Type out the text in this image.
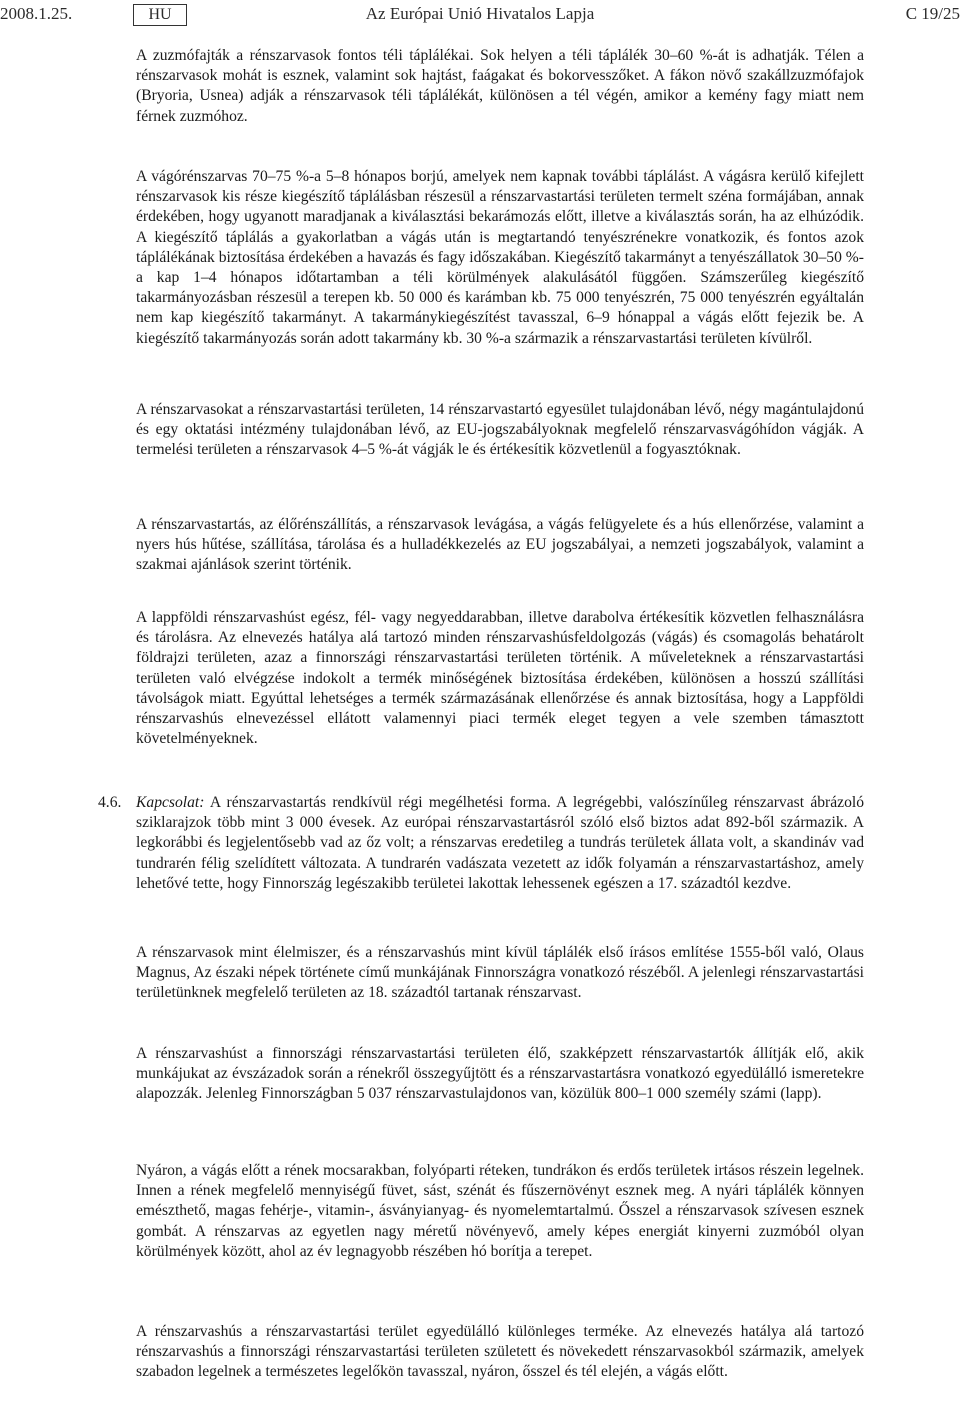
2008.1.25.	HU	Az Európai Unió Hivatalos Lapja	C 19/25

A zuzmófajták a rénszarvasok fontos téli táplálékai. Sok helyen a téli táplálék 30–60 %-át is adhatják. Télen a rénszarvasok mohát is esznek, valamint sok hajtást, faágakat és bokorvesszőket. A fákon növő szakállzuzmófajok (Bryoria, Usnea) adják a rénszarvasok téli táplálékát, különösen a tél végén, amikor a kemény fagy miatt nem férnek zuzmóhoz.

A vágórénszarvas 70–75 %-a 5–8 hónapos borjú, amelyek nem kapnak további táplálást. A vágásra kerülő kifejlett rénszarvasok kis része kiegészítő táplálásban részesül a rénszarvastartási területen termelt széna formájában, annak érdekében, hogy ugyanott maradjanak a kiválasztási bekarámozás előtt, illetve a kiválasztás során, ha az elhúzódik. A kiegészítő táplálás a gyakorlatban a vágás után is megtartandó tenyészrénekre vonatkozik, és fontos azok táplálékának biztosítása érdekében a havazás és fagy időszakában. Kiegészítő takarmányt a tenyészállatok 30–50 %-a kap 1–4 hónapos időtartamban a téli körülmények alakulásától függően. Számszerűleg kiegészítő takarmányozásban részesül a terepen kb. 50 000 és karámban kb. 75 000 tenyészrén, 75 000 tenyészrén egyáltalán nem kap kiegészítő takarmányt. A takarmánykiegészítést tavasszal, 6–9 hónappal a vágás előtt fejezik be. A kiegészítő takarmányozás során adott takarmány kb. 30 %-a származik a rénszarvastartási területen kívülről.

A rénszarvasokat a rénszarvastartási területen, 14 rénszarvastartó egyesület tulajdonában lévő, négy magántulajdonú és egy oktatási intézmény tulajdonában lévő, az EU-jogszabályoknak megfelelő rénszarvasvágóhídon vágják. A termelési területen a rénszarvasok 4–5 %-át vágják le és értékesítik közvetlenül a fogyasztóknak.

A rénszarvastartás, az élőrénszállítás, a rénszarvasok levágása, a vágás felügyelete és a hús ellenőrzése, valamint a nyers hús hűtése, szállítása, tárolása és a hulladékkezelés az EU jogszabályai, a nemzeti jogszabályok, valamint a szakmai ajánlások szerint történik.

A lappföldi rénszarvashúst egész, fél- vagy negyeddarabban, illetve darabolva értékesítik közvetlen felhasználásra és tárolásra. Az elnevezés hatálya alá tartozó minden rénszarvashúsfeldolgozás (vágás) és csomagolás behatárolt földrajzi területen, azaz a finnországi rénszarvastartási területen történik. A műveleteknek a rénszarvastartási területen való elvégzése indokolt a termék minőségének biztosítása érdekében, különösen a hosszú szállítási távolságok miatt. Egyúttal lehetséges a termék származásának ellenőrzése és annak biztosítása, hogy a Lappföldi rénszarvashús elnevezéssel ellátott valamennyi piaci termék eleget tegyen a vele szemben támasztott követelményeknek.

4.6. Kapcsolat: A rénszarvastartás rendkívül régi megélhetési forma. A legrégebbi, valószínűleg rénszarvast ábrázoló sziklarajzok több mint 3 000 évesek. Az európai rénszarvastartásról szóló első biztos adat 892-ből származik. A legkorábbi és legjelentősebb vad az őz volt; a rénszarvas eredetileg a tundrás területek állata volt, a skandináv vad tundrarén félig szelídített változata. A tundrarén vadászata vezetett az idők folyamán a rénszarvastartáshoz, amely lehetővé tette, hogy Finnország legészakibb területei lakottak lehessenek egészen a 17. századtól kezdve.

A rénszarvasok mint élelmiszer, és a rénszarvashús mint kívül táplálék első írásos említése 1555-ből való, Olaus Magnus, Az északi népek története című munkájának Finnországra vonatkozó részéből. A jelenlegi rénszarvastartási területünknek megfelelő területen az 18. századtól tartanak rénszarvast.

A rénszarvashúst a finnországi rénszarvastartási területen élő, szakképzett rénszarvastartók állítják elő, akik munkájukat az évszázadok során a rénekről összegyűjtött és a rénszarvastartásra vonatkozó egyedülálló ismeretekre alapozzák. Jelenleg Finnországban 5 037 rénszarvastulajdonos van, közülük 800–1 000 személy számi (lapp).

Nyáron, a vágás előtt a rének mocsarakban, folyóparti réteken, tundrákon és erdős területek irtásos részein legelnek. Innen a rének megfelelő mennyiségű füvet, sást, szénát és fűszernövényt esznek meg. A nyári táplálék könnyen emészthető, magas fehérje-, vitamin-, ásványianyag- és nyomelemtartalmú. Ősszel a rénszarvasok szívesen esznek gombát. A rénszarvas az egyetlen nagy méretű növényevő, amely képes energiát kinyerni zuzmóból olyan körülmények között, ahol az év legnagyobb részében hó borítja a terepet.

A rénszarvashús a rénszarvastartási terület egyedülálló különleges terméke. Az elnevezés hatálya alá tartozó rénszarvashús a finnországi rénszarvastartási területen született és növekedett rénszarvasokból származik, amelyek szabadon legelnek a természetes legelőkön tavasszal, nyáron, ősszel és tél elején, a vágás előtt.
